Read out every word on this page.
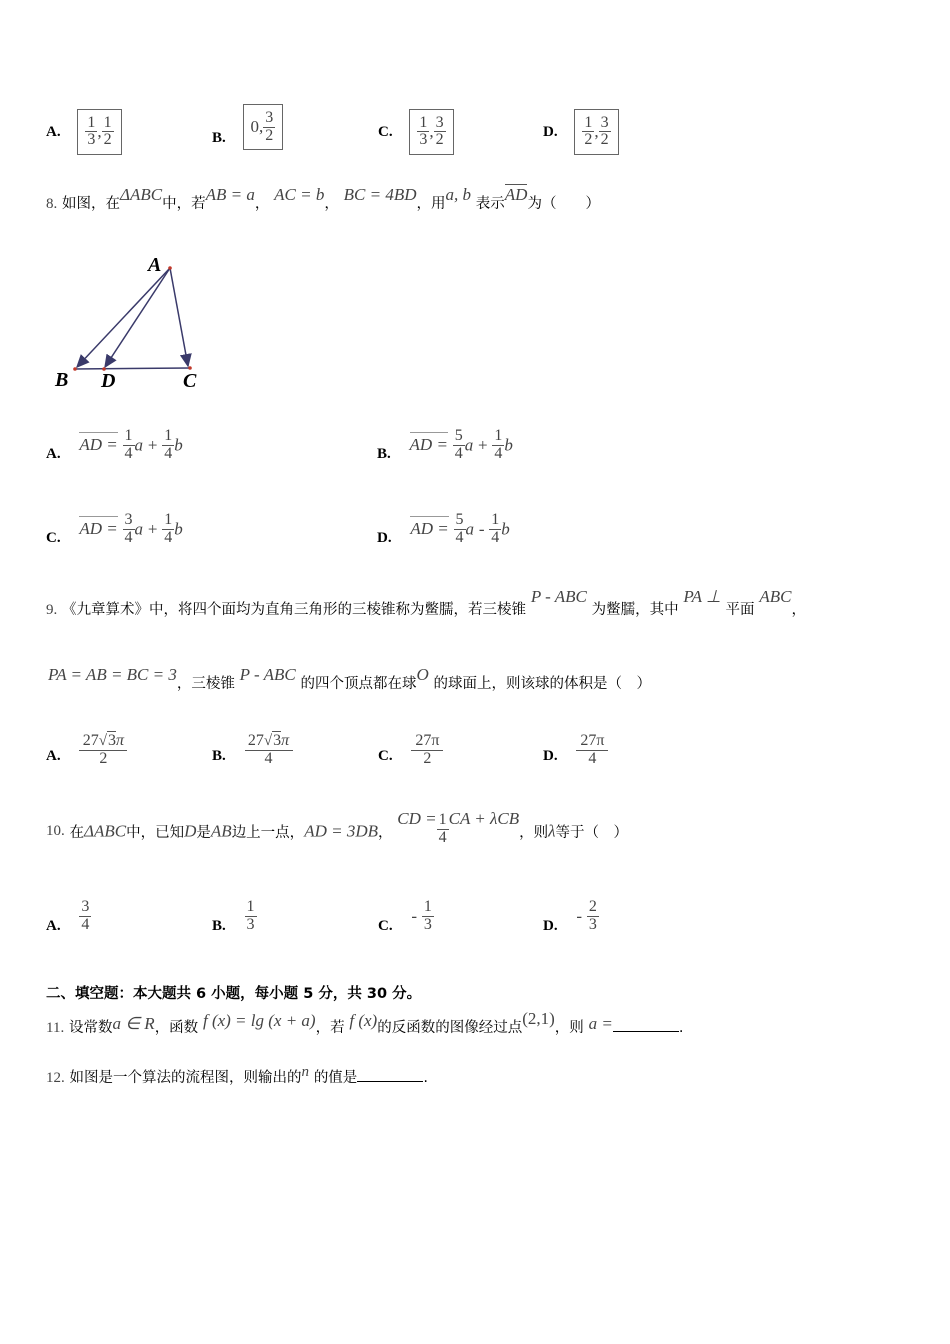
A. $\frac{1}{3}$ , $\frac{1}{2}$	B.
0 , $\frac{3}{2}$	C. $\frac{1}{3}$ , $\frac{3}{2}$	D. $\frac{1}{2}$ , $\frac{3}{2}$
8. 如图，在ΔABC中，若AB = a， AC = b， BC = 4BD，用a, b 表示AD为（　　）
A
B D	C
A. AD = $\frac{1}{4}$ $a + \frac{1}{4}$ b	B. AD = $\frac{5}{4}$ $a + \frac{1}{4}$ b
C. AD = $\frac{3}{4}$ $a + \frac{1}{4}$ b	D. AD = $\frac{5}{4}$ a - $\frac{1}{4}$ b
9. 《九章算术》中，将四个面均为直角三角形的三棱锥称为鳖臑，若三棱锥 P - ABC 为鳖臑，其中 PA ⊥ 平面 ABC，
PA = AB = BC = 3，三棱锥 P - ABC 的四个顶点都在球O 的球面上，则该球的体积是（　）
A. $\frac{27√3\pi}{2}$	B. $\frac{27√3\pi}{4}$	C. $\frac{27\pi}{2}$	D. $\frac{27\pi}{4}$
10. 在ΔABC中，已知D是AB边上一点，AD = 3DB， CD = $\frac{1}{4}$ CA + λCB，则λ等于（　）
A. $\frac{3}{4}$	B. $\frac{1}{3}$	C. - $\frac{1}{3}$	D. - $\frac{2}{3}$
二、填空题：本大题共 6 小题，每小题 5 分，共 30 分。
11. 设常数a ∈ R，函数 f (x) = lg (x + a)，若 f (x)的反函数的图像经过点(2,1)，则 a =	.
12. 如图是一个算法的流程图，则输出的n 的值是	.
